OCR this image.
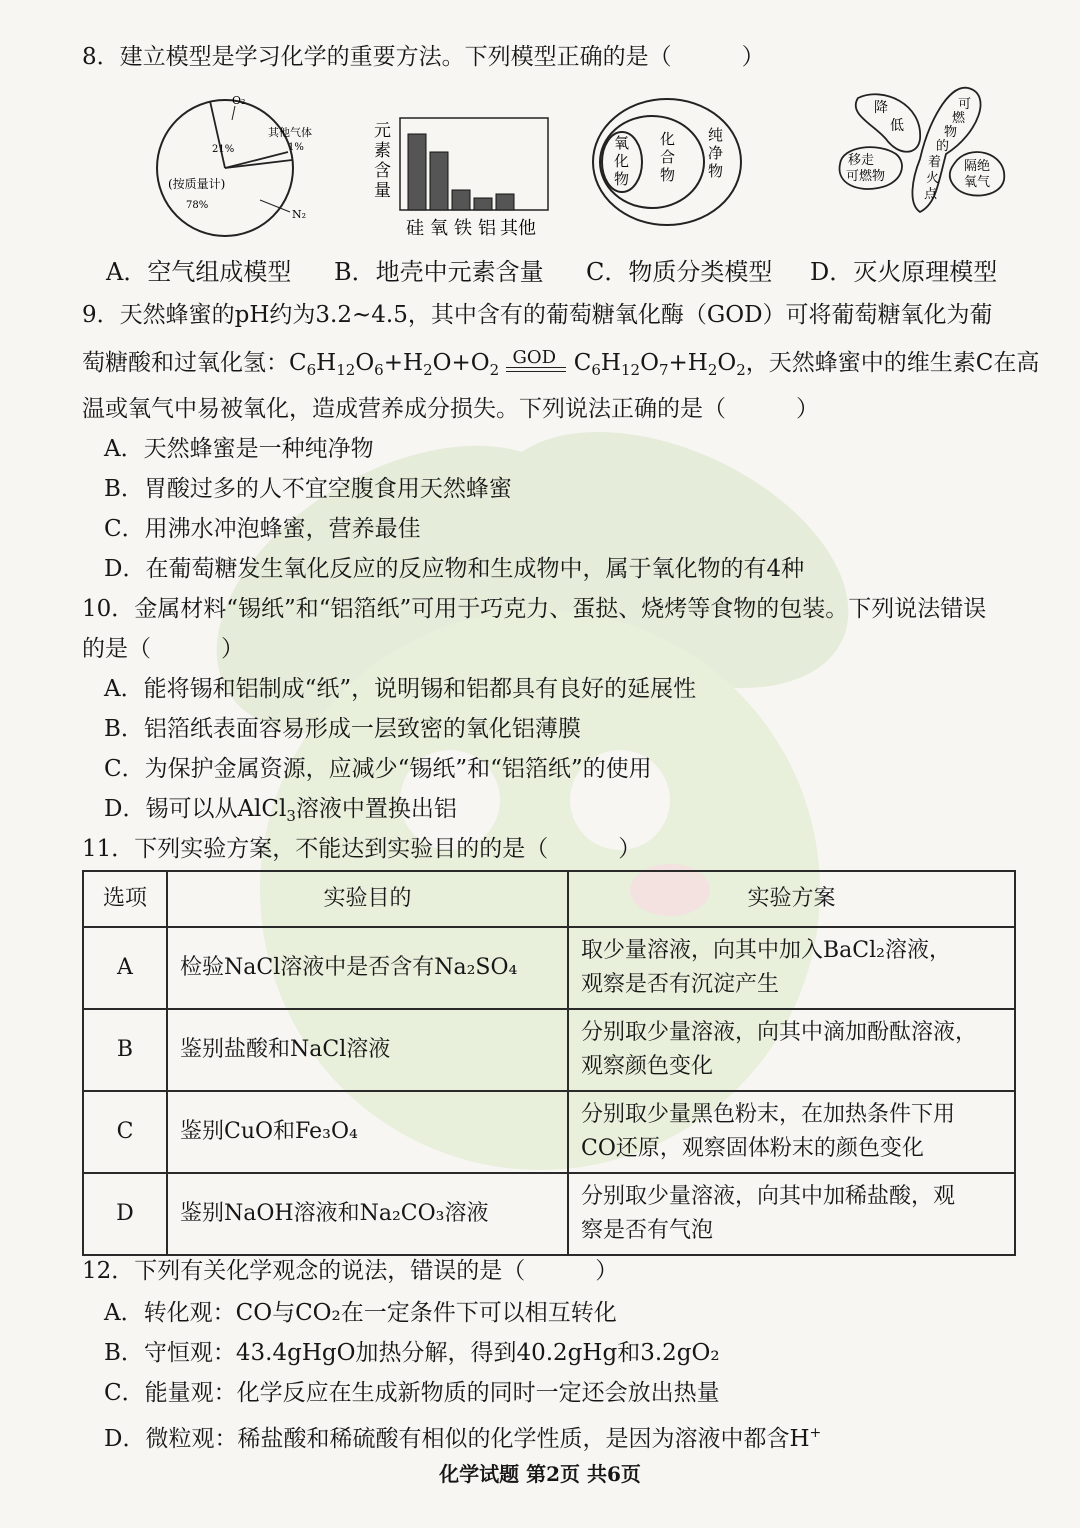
8．建立模型是学习化学的重要方法。下列模型正确的是（	）
O₂
21%
其他气体
1%
(按质量计)
78%
N₂
元
素
含
量
硅 氧 铁 铝 其他
氧
化
物
化
合
物
纯
净
物
降
低
可
燃
物
的
着
火
点
移走
可燃物
隔绝
氧气
A．空气组成模型 B．地壳中元素含量 C．物质分类模型 D．灭火原理模型
9．天然蜂蜜的pH约为3.2~4.5，其中含有的葡萄糖氧化酶（GOD）可将葡萄糖氧化为葡
萄糖酸和过氧化氢：$C_6H_{12}O_6+H_2O+O_2$
GOD $C_6H_{12}O_7+H_2O_2$，天然蜂蜜中的维生素C在高
温或氧气中易被氧化，造成营养成分损失。下列说法正确的是（	）
A．天然蜂蜜是一种纯净物
B．胃酸过多的人不宜空腹食用天然蜂蜜
C．用沸水冲泡蜂蜜，营养最佳
D．在葡萄糖发生氧化反应的反应物和生成物中，属于氧化物的有4种
10．金属材料“锡纸”和“铝箔纸”可用于巧克力、蛋挞、烧烤等食物的包装。下列说法错误
的是（	）
A．能将锡和铝制成“纸”，说明锡和铝都具有良好的延展性
B．铝箔纸表面容易形成一层致密的氧化铝薄膜
C．为保护金属资源，应减少“锡纸”和“铝箔纸”的使用
D．锡可以从AlCl$_3$溶液中置换出铝
11．下列实验方案，不能达到实验目的的是（	）
选项	实验目的	实验方案
A	检验NaCl溶液中是否含有Na₂SO₄	取少量溶液，向其中加入BaCl₂溶液，
观察是否有沉淀产生

B	鉴别盐酸和NaCl溶液	分别取少量溶液，向其中滴加酚酞溶液，
观察颜色变化

C	鉴别CuO和Fe₃O₄	分别取少量黑色粉末，在加热条件下用
CO还原，观察固体粉末的颜色变化

D	鉴别NaOH溶液和Na₂CO₃溶液	分别取少量溶液，向其中加稀盐酸，观
察是否有气泡
12．下列有关化学观念的说法，错误的是（	）
A．转化观：CO与CO₂在一定条件下可以相互转化
B．守恒观：43.4gHgO加热分解，得到40.2gHg和3.2gO₂
C．能量观：化学反应在生成新物质的同时一定还会放出热量
D．微粒观：稀盐酸和稀硫酸有相似的化学性质，是因为溶液中都含H+
化学试题 第2页 共6页
